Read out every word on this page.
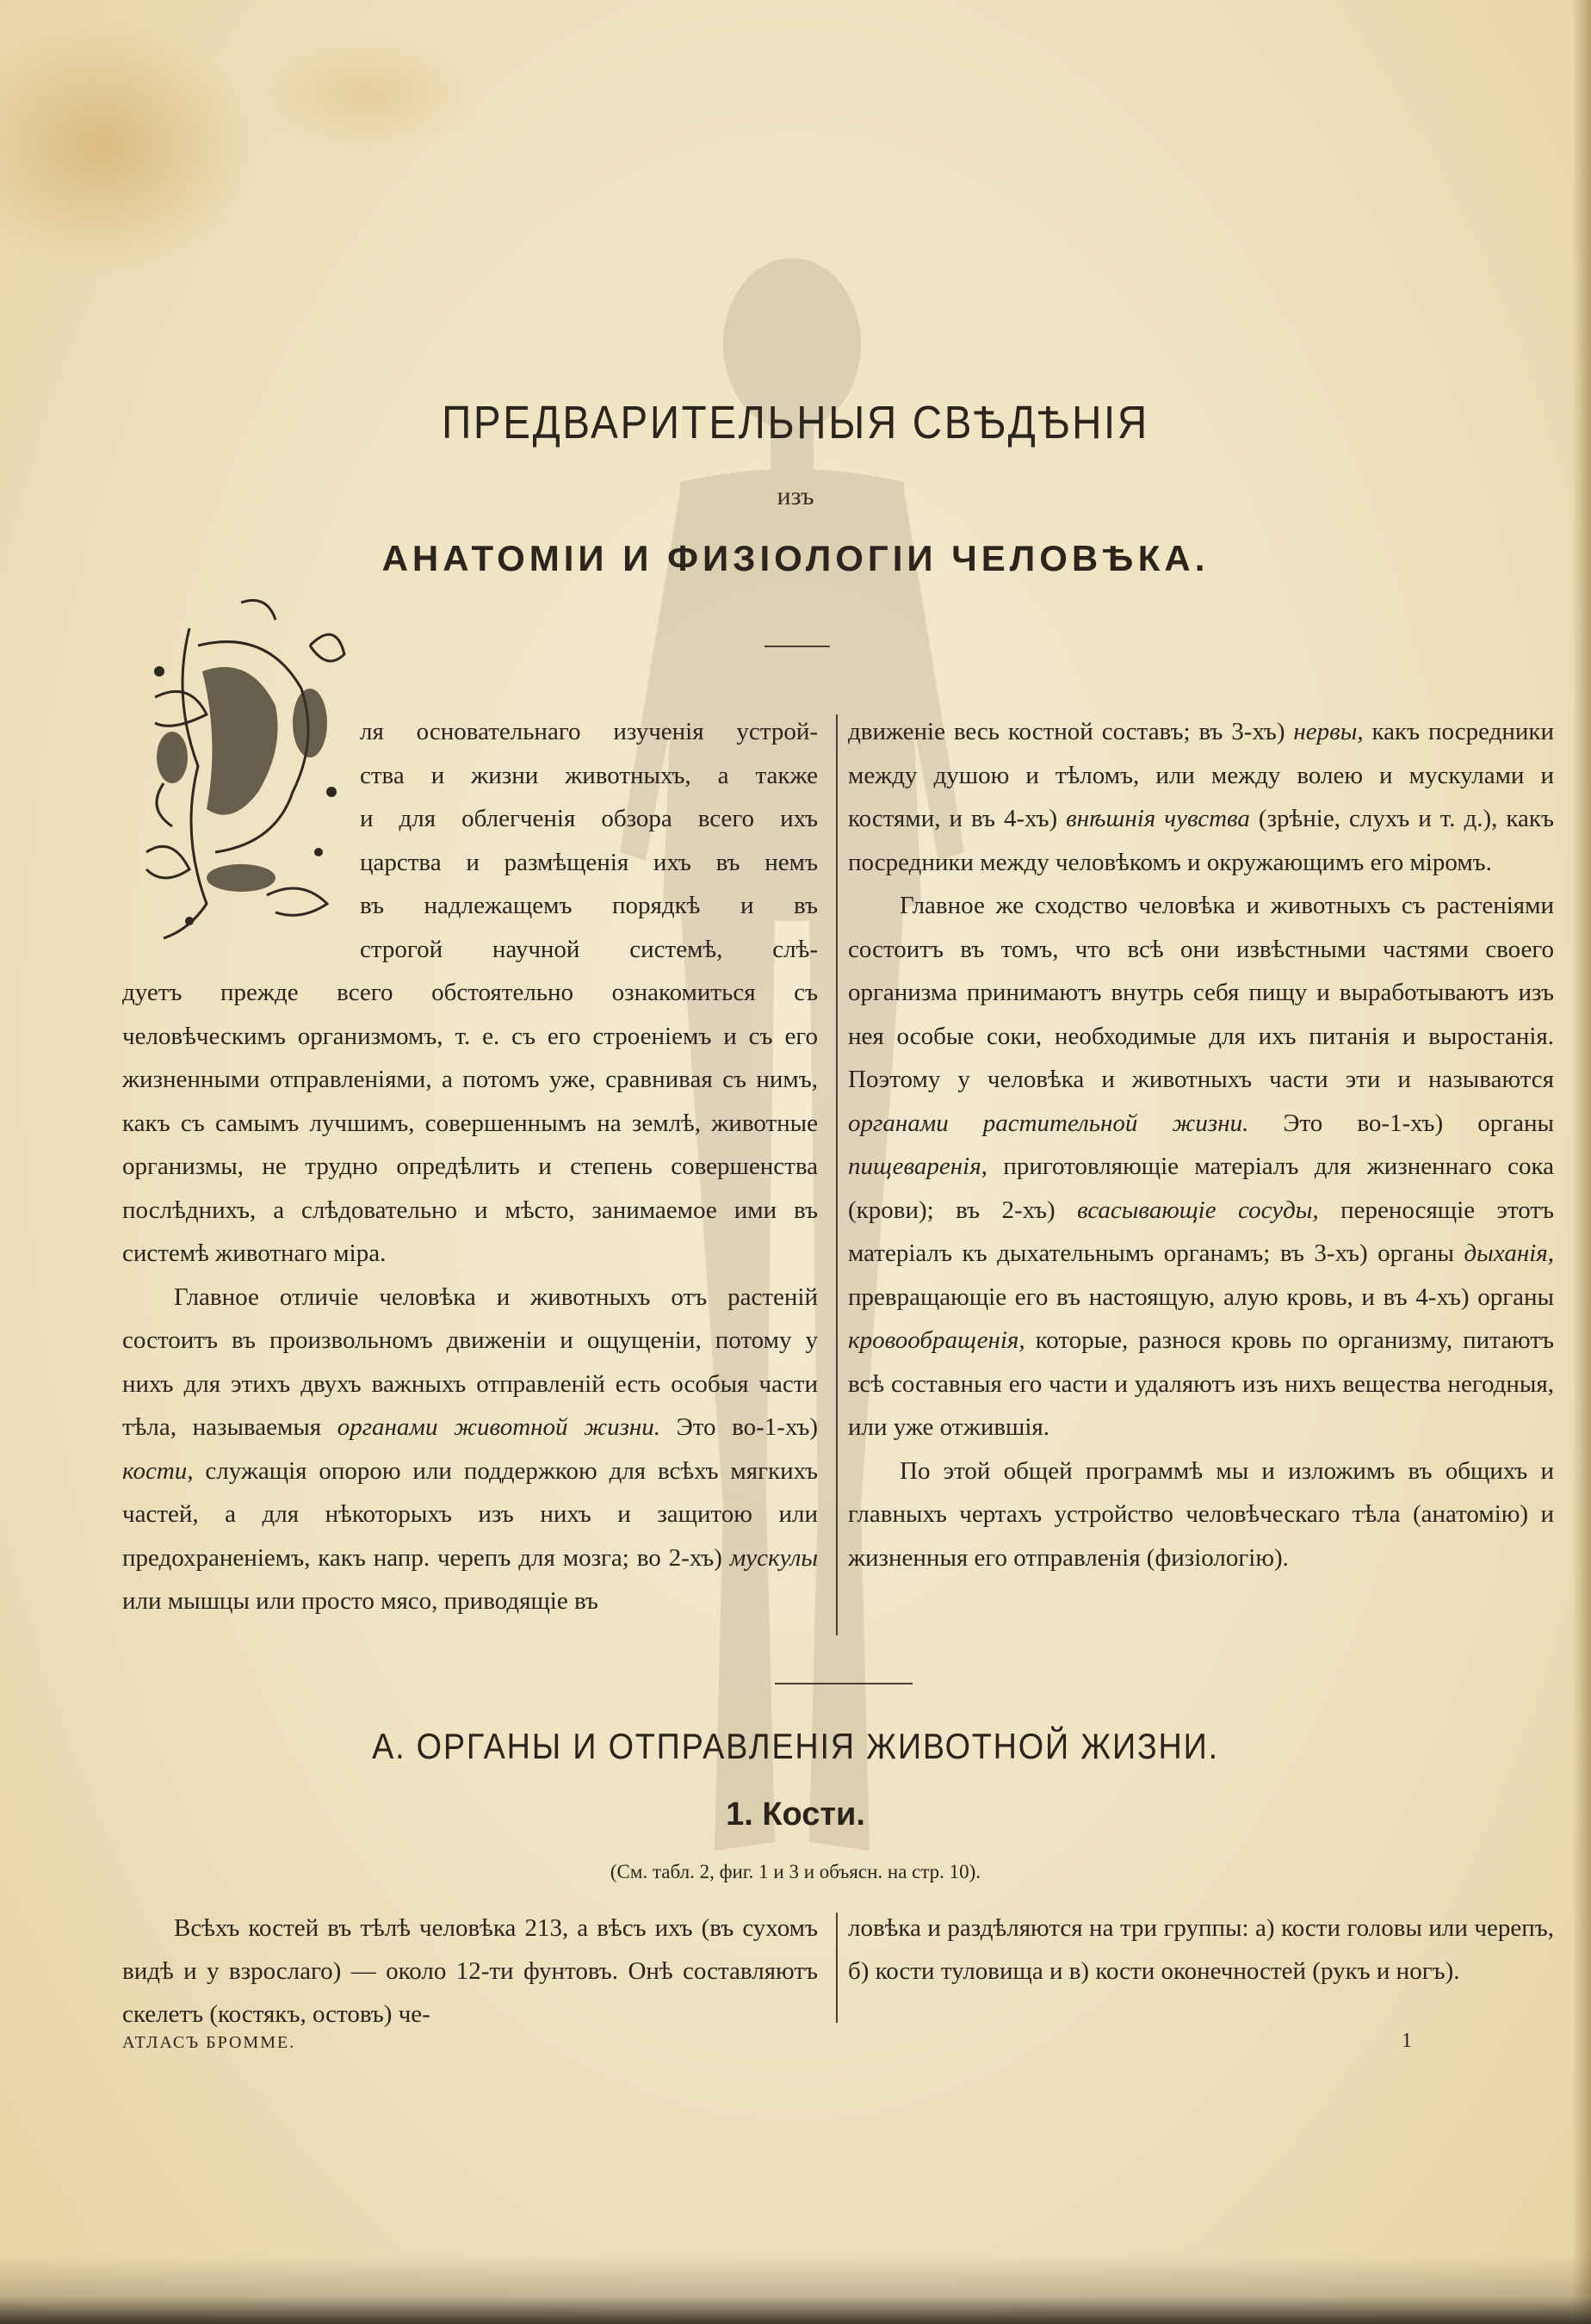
ПРЕДВАРИТЕЛЬНЫЯ СВѢДѢНІЯ
изъ
АНАТОМІИ И ФИЗІОЛОГІИ ЧЕЛОВѢКА.
ля основательнаго изученія устрой-
ства и жизни животныхъ, а также
и для облегченія обзора всего ихъ
царства и размѣщенія ихъ въ немъ
въ надлежащемъ порядкѣ и въ
строгой научной системѣ, слѣ-

дуетъ прежде всего обстоятельно ознакомиться съ человѣческимъ организмомъ, т. е. съ его строеніемъ и съ его жизненными отправленіями, а потомъ уже, сравнивая съ нимъ, какъ съ самымъ лучшимъ, совершеннымъ на землѣ, животные организмы, не трудно опредѣлить и степень совершенства послѣднихъ, а слѣдовательно и мѣсто, занимаемое ими въ системѣ животнаго міра.

Главное отличіе человѣка и животныхъ отъ растеній состоитъ въ произвольномъ движеніи и ощущеніи, потому у нихъ для этихъ двухъ важныхъ отправленій есть особыя части тѣла, называемыя органами животной жизни. Это во-1-хъ) кости, служащія опорою или поддержкою для всѣхъ мягкихъ частей, а для нѣкоторыхъ изъ нихъ и защитою или предохраненіемъ, какъ напр. черепъ для мозга; во 2-хъ) мускулы или мышцы или просто мясо, приводящіе въ

движеніе весь костной составъ; въ 3-хъ) нервы, какъ посредники между душою и тѣломъ, или между волею и мускулами и костями, и въ 4-хъ) внѣшнія чувства (зрѣніе, слухъ и т. д.), какъ посредники между человѣкомъ и окружающимъ его міромъ.

Главное же сходство человѣка и животныхъ съ растеніями состоитъ въ томъ, что всѣ они извѣстными частями своего организма принимаютъ внутрь себя пищу и выработываютъ изъ нея особые соки, необходимые для ихъ питанія и выростанія. Поэтому у человѣка и животныхъ части эти и называются органами растительной жизни. Это во-1-хъ) органы пищеваренія, приготовляющіе матеріалъ для жизненнаго сока (крови); въ 2-хъ) всасывающіе сосуды, переносящіе этотъ матеріалъ къ дыхательнымъ органамъ; въ 3-хъ) органы дыханія, превращающіе его въ настоящую, алую кровь, и въ 4-хъ) органы кровообращенія, которые, разнося кровь по организму, питаютъ всѣ составныя его части и удаляютъ изъ нихъ вещества негодныя, или уже отжившія.

По этой общей программѣ мы и изложимъ въ общихъ и главныхъ чертахъ устройство человѣческаго тѣла (анатомію) и жизненныя его отправленія (физіологію).

А. ОРГАНЫ И ОТПРАВЛЕНІЯ ЖИВОТНОЙ ЖИЗНИ.
1. Кости.
(См. табл. 2, фиг. 1 и 3 и объясн. на стр. 10).

Всѣхъ костей въ тѣлѣ человѣка 213, а вѣсъ ихъ (въ сухомъ видѣ и у взрослаго) — около 12-ти фунтовъ. Онѣ составляютъ скелетъ (костякъ, остовъ) че-

ловѣка и раздѣляются на три группы: а) кости головы или черепъ, б) кости туловища и в) кости оконечностей (рукъ и ногъ).

АТЛАСЪ БРОММЕ.	1
